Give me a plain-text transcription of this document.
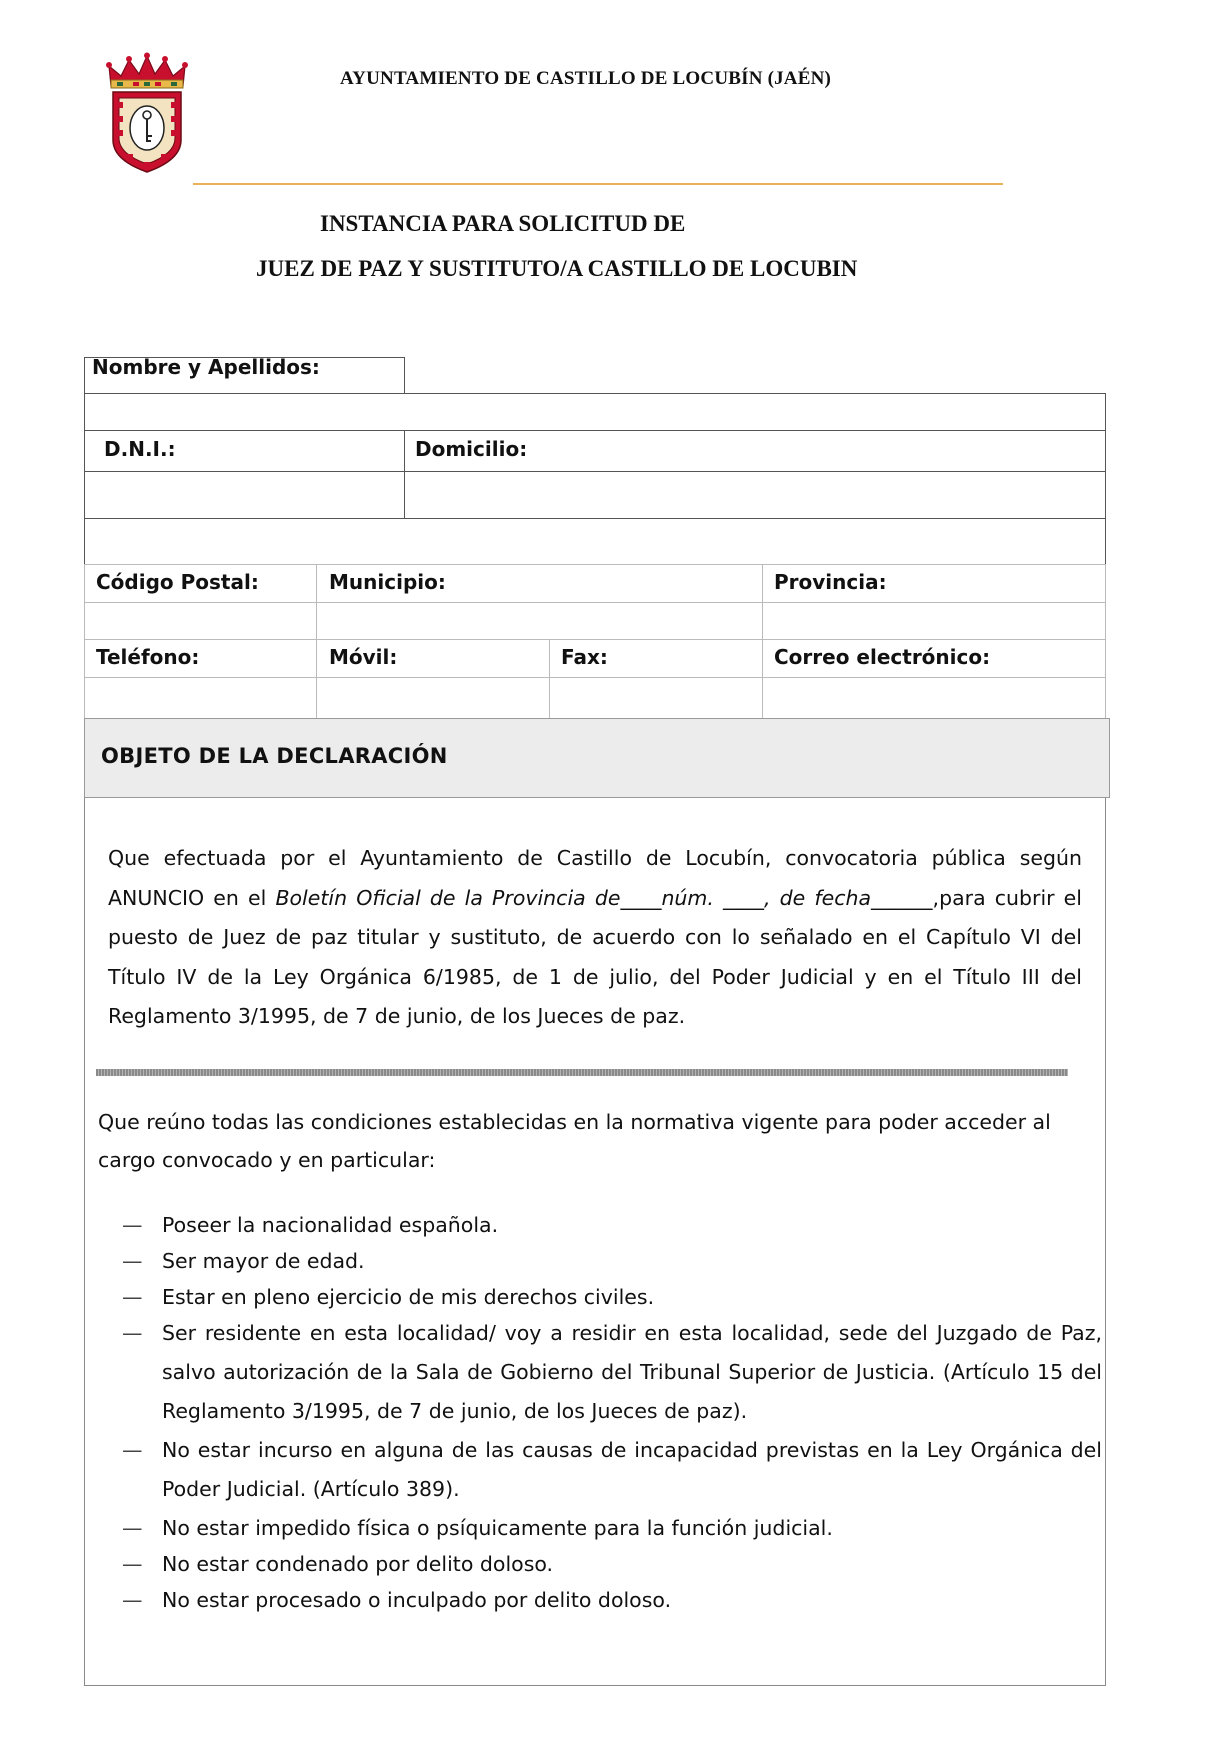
AYUNTAMIENTO DE CASTILLO DE LOCUBÍN (JAÉN)
INSTANCIA PARA SOLICITUD DE
JUEZ DE PAZ Y SUSTITUTO/A CASTILLO DE LOCUBIN
Nombre y Apellidos:
D.N.I.:	Domicilio:
Código Postal:	Municipio:	Provincia:
Teléfono:	Móvil:	Fax:	Correo electrónico:
OBJETO DE LA DECLARACIÓN
Que efectuada por el Ayuntamiento de Castillo de Locubín, convocatoria pública según ANUNCIO en el Boletín Oficial de la Provincia de____núm. ____, de fecha______,para cubrir el puesto de Juez de paz titular y sustituto, de acuerdo con lo señalado en el Capítulo VI del Título IV de la Ley Orgánica 6/1985, de 1 de julio, del Poder Judicial y en el Título III del Reglamento 3/1995, de 7 de junio, de los Jueces de paz.
Que reúno todas las condiciones establecidas en la normativa vigente para poder acceder al cargo convocado y en particular:
— Poseer la nacionalidad española.
— Ser mayor de edad.
— Estar en pleno ejercicio de mis derechos civiles.
— Ser residente en esta localidad/ voy a residir en esta localidad, sede del Juzgado de Paz, salvo autorización de la Sala de Gobierno del Tribunal Superior de Justicia. (Artículo 15 del Reglamento 3/1995, de 7 de junio, de los Jueces de paz).
— No estar incurso en alguna de las causas de incapacidad previstas en la Ley Orgánica del Poder Judicial. (Artículo 389).
— No estar impedido física o psíquicamente para la función judicial.
— No estar condenado por delito doloso.
— No estar procesado o inculpado por delito doloso.
